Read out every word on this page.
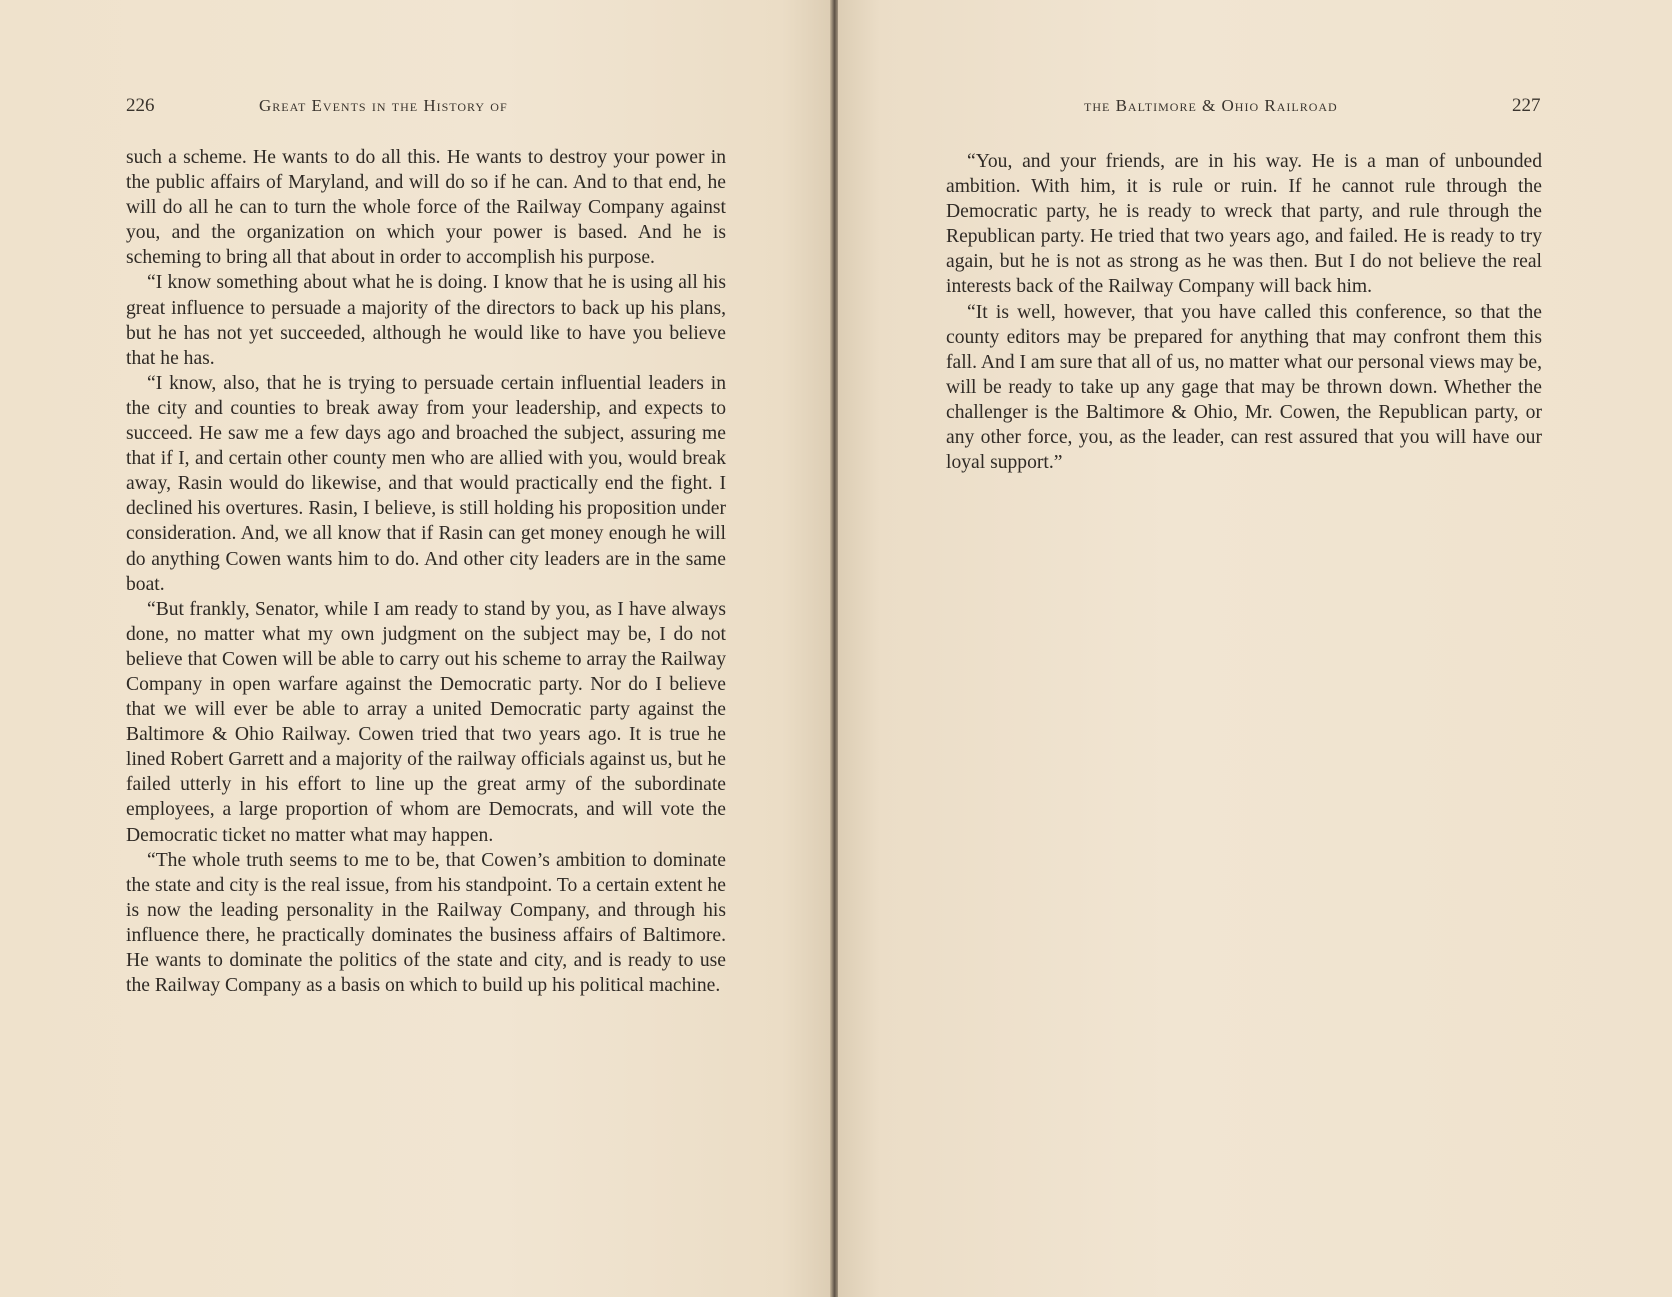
226	Great Events in the History of

such a scheme. He wants to do all this. He wants to destroy your power in the public affairs of Maryland, and will do so if he can. And to that end, he will do all he can to turn the whole force of the Railway Company against you, and the organization on which your power is based. And he is scheming to bring all that about in order to accomplish his purpose.

“I know something about what he is doing. I know that he is using all his great influence to persuade a majority of the directors to back up his plans, but he has not yet succeeded, although he would like to have you believe that he has.

“I know, also, that he is trying to persuade certain influential leaders in the city and counties to break away from your leadership, and expects to succeed. He saw me a few days ago and broached the subject, assuring me that if I, and certain other county men who are allied with you, would break away, Rasin would do likewise, and that would practically end the fight. I declined his overtures. Rasin, I believe, is still holding his proposition under consideration. And, we all know that if Rasin can get money enough he will do anything Cowen wants him to do. And other city leaders are in the same boat.

“But frankly, Senator, while I am ready to stand by you, as I have always done, no matter what my own judgment on the subject may be, I do not believe that Cowen will be able to carry out his scheme to array the Railway Company in open warfare against the Democratic party. Nor do I believe that we will ever be able to array a united Democratic party against the Baltimore & Ohio Railway. Cowen tried that two years ago. It is true he lined Robert Garrett and a majority of the railway officials against us, but he failed utterly in his effort to line up the great army of the subordinate employees, a large proportion of whom are Democrats, and will vote the Democratic ticket no matter what may happen.

“The whole truth seems to me to be, that Cowen’s ambition to dominate the state and city is the real issue, from his standpoint. To a certain extent he is now the leading personality in the Railway Company, and through his influence there, he practically dominates the business affairs of Baltimore. He wants to dominate the politics of the state and city, and is ready to use the Railway Company as a basis on which to build up his political machine.

the Baltimore & Ohio Railroad	227

“You, and your friends, are in his way. He is a man of unbounded ambition. With him, it is rule or ruin. If he cannot rule through the Democratic party, he is ready to wreck that party, and rule through the Republican party. He tried that two years ago, and failed. He is ready to try again, but he is not as strong as he was then. But I do not believe the real interests back of the Railway Company will back him.

“It is well, however, that you have called this conference, so that the county editors may be prepared for anything that may confront them this fall. And I am sure that all of us, no matter what our personal views may be, will be ready to take up any gage that may be thrown down. Whether the challenger is the Baltimore & Ohio, Mr. Cowen, the Republican party, or any other force, you, as the leader, can rest assured that you will have our loyal support.”
